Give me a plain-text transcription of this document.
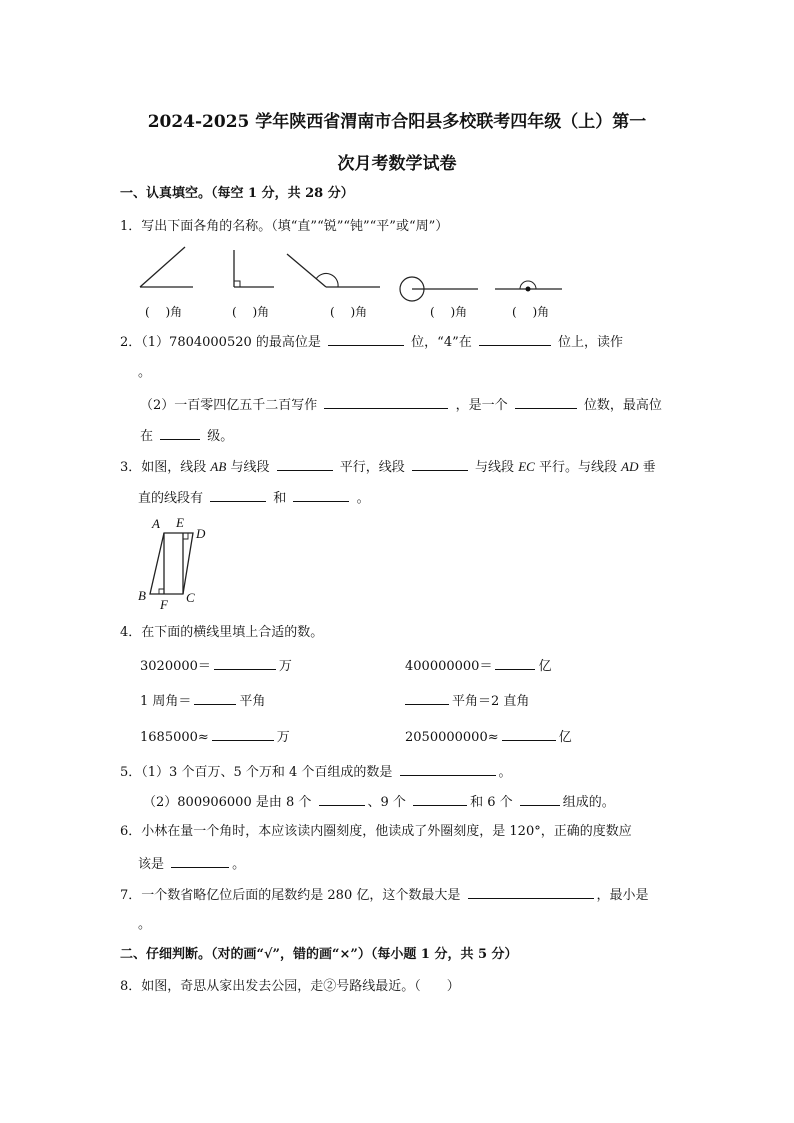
2024-2025 学年陕西省渭南市合阳县多校联考四年级（上）第一
次月考数学试卷
一、认真填空。（每空 1 分，共 28 分）
1．写出下面各角的名称。（填“直”“锐”“钝”“平”或“周”）
(　 )角	(　 )角	(　 )角	(　 )角	(　 )角
2．（1）7804000520 的最高位是	位，“4”在	位上，读作
。
（2）一百零四亿五千二百写作	，是一个	位数，最高位
在	级。
3．如图，线段 AB 与线段	平行，线段	与线段 EC 平行。与线段 AD 垂
直的线段有	和	。
A E
D
B
F C
4．在下面的横线里填上合适的数。
3020000＝	万	400000000＝	亿
1 周角＝	平角	平角＝2 直角
1685000≈	万	2050000000≈	亿
5．（1）3 个百万、5 个万和 4 个百组成的数是	。
（2）800906000 是由 8 个	、9 个	和 6 个	组成的。
6．小林在量一个角时，本应该读内圈刻度，他读成了外圈刻度，是 120°，正确的度数应
该是	。
7．一个数省略亿位后面的尾数约是 280 亿，这个数最大是	，最小是
。
二、仔细判断。（对的画“√”，错的画“×”）（每小题 1 分，共 5 分）
8．如图，奇思从家出发去公园，走②号路线最近。（　　）
